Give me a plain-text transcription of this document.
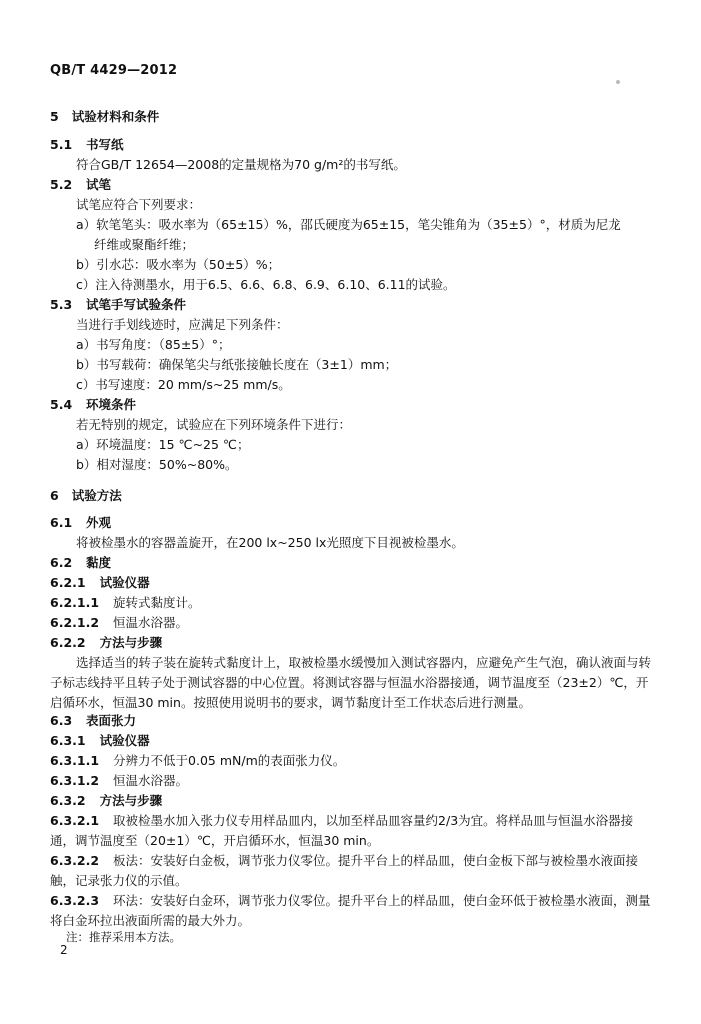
QB/T 4429—2012
5 试验材料和条件
5.1 书写纸
符合GB/T 12654—2008的定量规格为70 g/m²的书写纸。
5.2 试笔
试笔应符合下列要求：
a）软笔笔头：吸水率为（65±15）%，邵氏硬度为65±15，笔尖锥角为（35±5）°，材质为尼龙
纤维或聚酯纤维；
b）引水芯：吸水率为（50±5）%；
c）注入待测墨水，用于6.5、6.6、6.8、6.9、6.10、6.11的试验。
5.3 试笔手写试验条件
当进行手划线迹时，应满足下列条件：
a）书写角度：（85±5）°；
b）书写载荷：确保笔尖与纸张接触长度在（3±1）mm；
c）书写速度：20 mm/s~25 mm/s。
5.4 环境条件
若无特别的规定，试验应在下列环境条件下进行：
a）环境温度：15 ℃~25 ℃；
b）相对湿度：50%~80%。
6 试验方法
6.1 外观
将被检墨水的容器盖旋开，在200 lx~250 lx光照度下目视被检墨水。
6.2 黏度
6.2.1 试验仪器
6.2.1.1 旋转式黏度计。
6.2.1.2 恒温水浴器。
6.2.2 方法与步骤
选择适当的转子装在旋转式黏度计上，取被检墨水缓慢加入测试容器内，应避免产生气泡，确认液面与转子标志线持平且转子处于测试容器的中心位置。将测试容器与恒温水浴器接通，调节温度至（23±2）℃，开启循环水，恒温30 min。按照使用说明书的要求，调节黏度计至工作状态后进行测量。
6.3 表面张力
6.3.1 试验仪器
6.3.1.1 分辨力不低于0.05 mN/m的表面张力仪。
6.3.1.2 恒温水浴器。
6.3.2 方法与步骤
6.3.2.1 取被检墨水加入张力仪专用样品皿内，以加至样品皿容量约2/3为宜。将样品皿与恒温水浴器接通，调节温度至（20±1）℃，开启循环水，恒温30 min。
6.3.2.2 板法：安装好白金板，调节张力仪零位。提升平台上的样品皿，使白金板下部与被检墨水液面接触，记录张力仪的示值。
6.3.2.3 环法：安装好白金环，调节张力仪零位。提升平台上的样品皿，使白金环低于被检墨水液面，测量将白金环拉出液面所需的最大外力。
注：推荐采用本方法。
2
